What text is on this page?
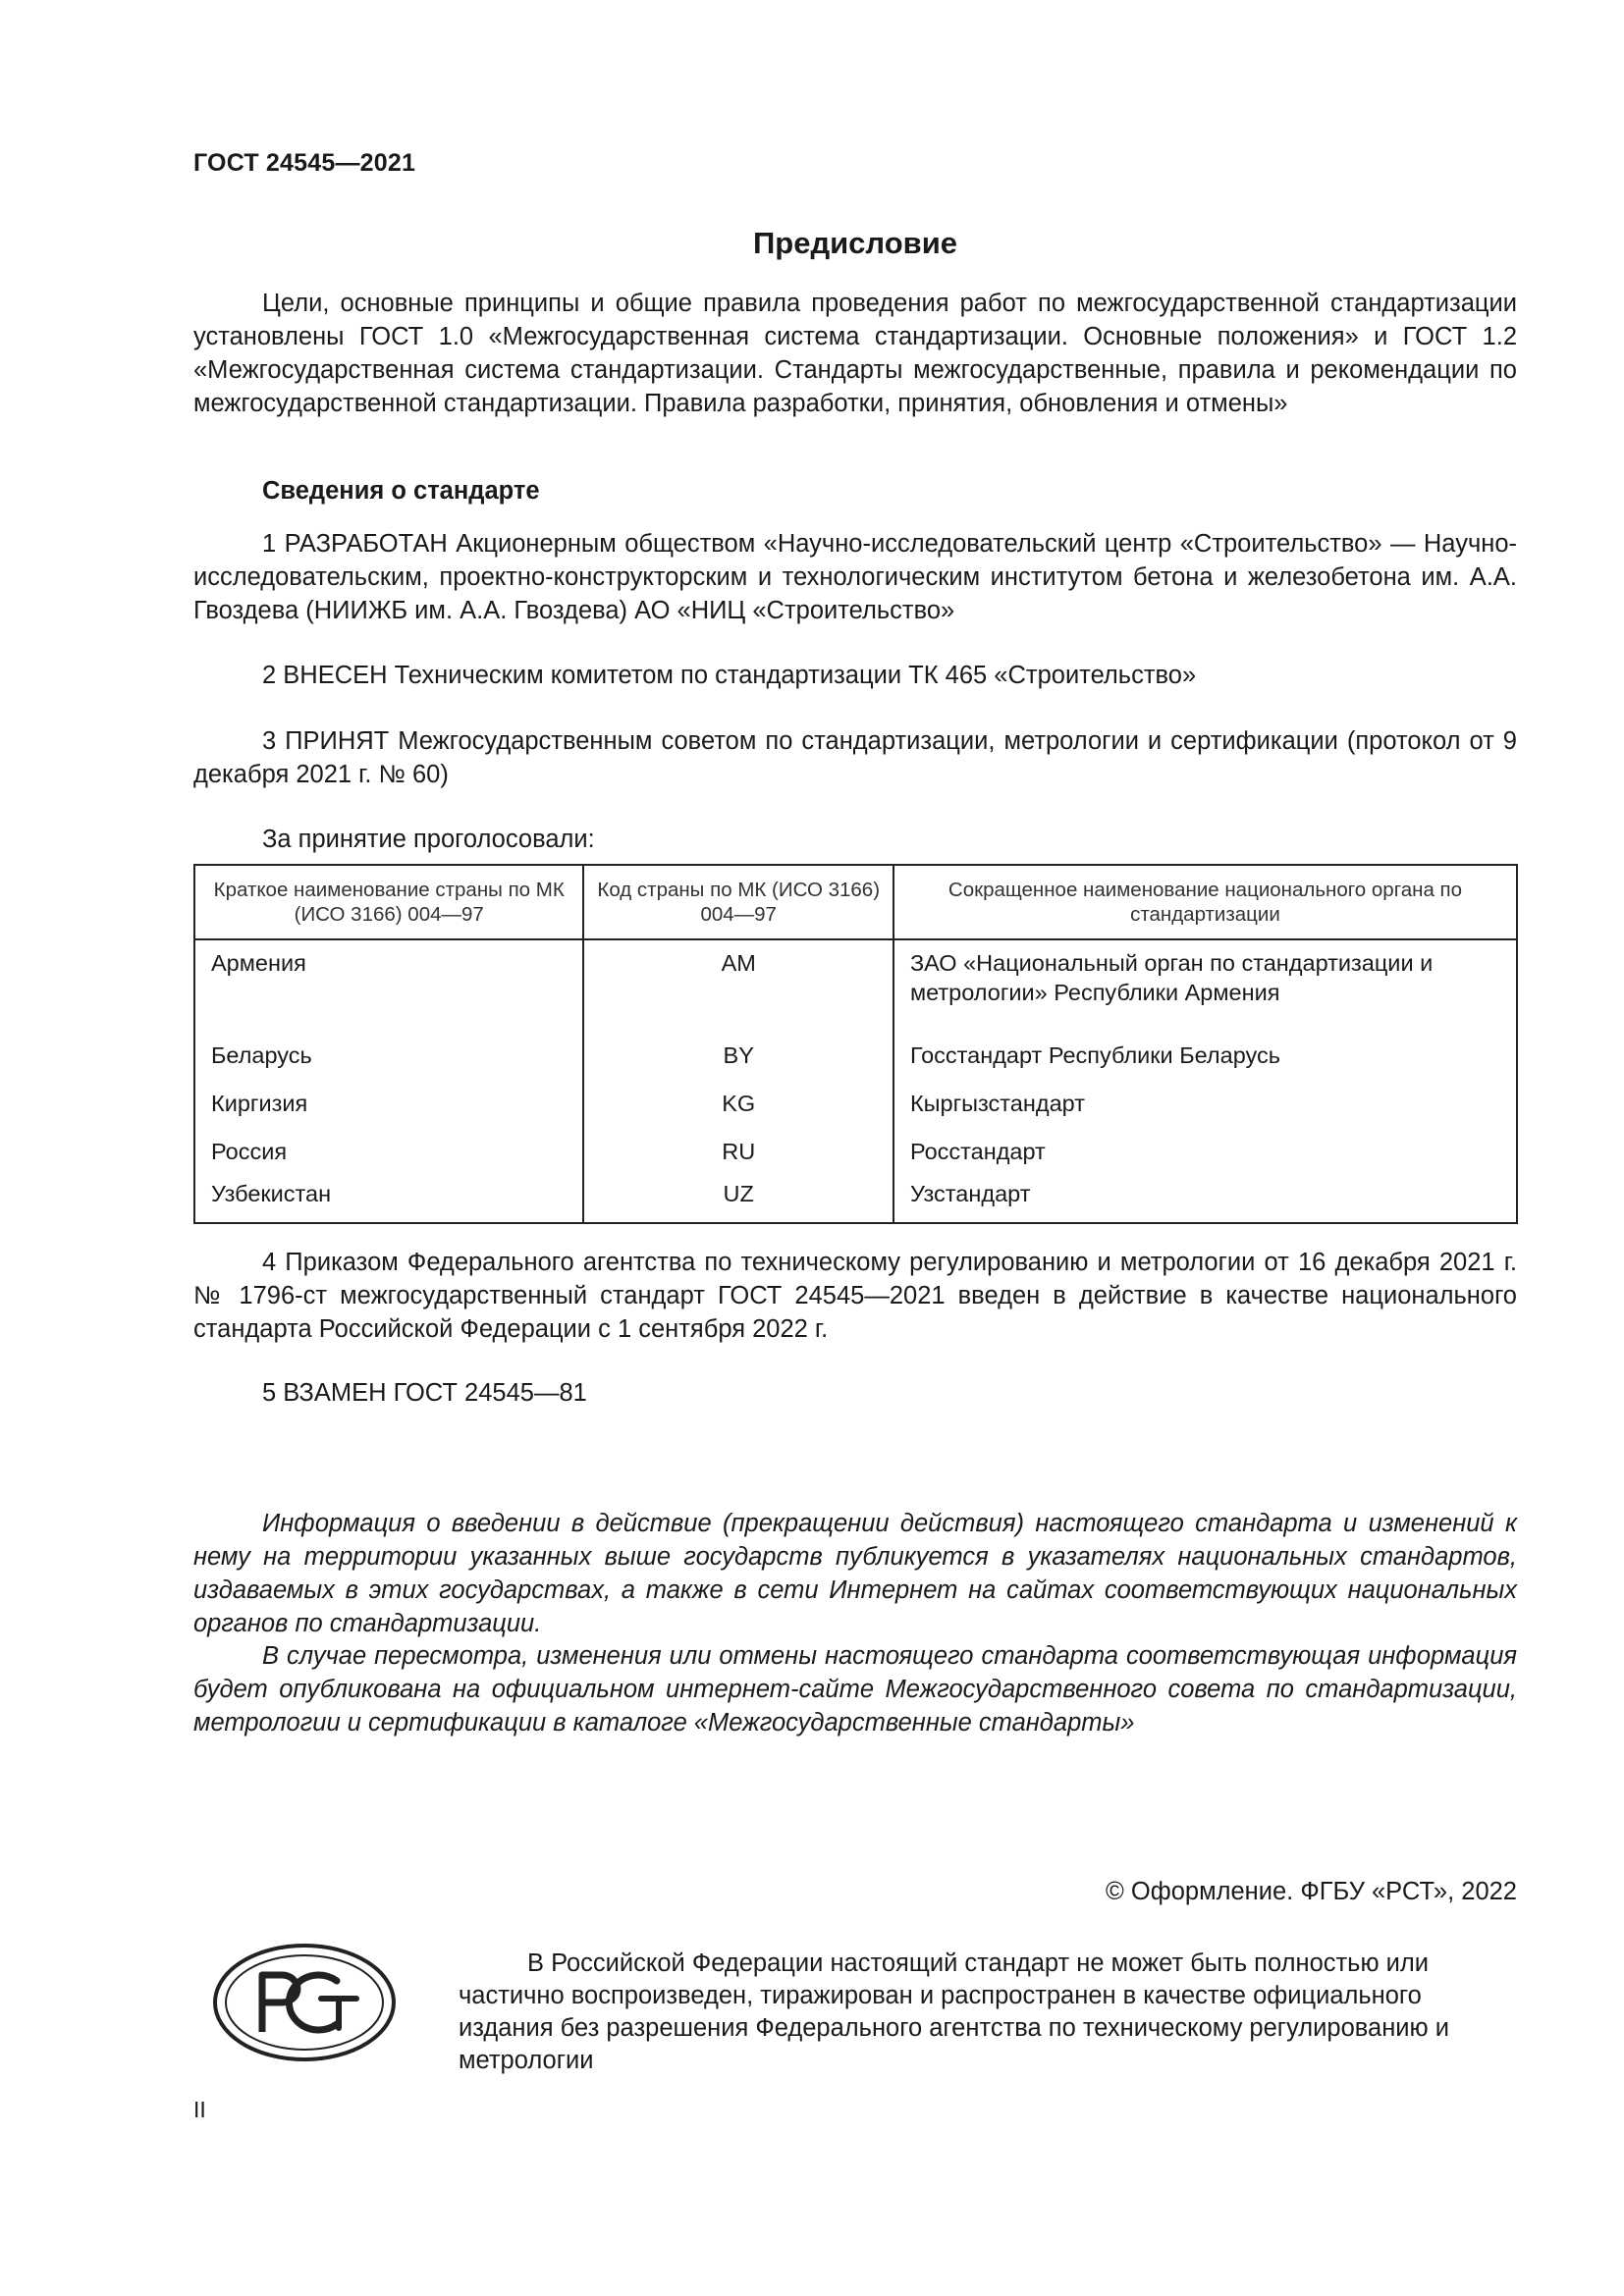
ГОСТ 24545—2021
Предисловие

Цели, основные принципы и общие правила проведения работ по межгосударственной стандартизации установлены ГОСТ 1.0 «Межгосударственная система стандартизации. Основные положения» и ГОСТ 1.2 «Межгосударственная система стандартизации. Стандарты межгосударственные, правила и рекомендации по межгосударственной стандартизации. Правила разработки, принятия, обновления и отмены»

Сведения о стандарте

1 РАЗРАБОТАН Акционерным обществом «Научно-исследовательский центр «Строительство» — Научно-исследовательским, проектно-конструкторским и технологическим институтом бетона и железобетона им. А.А. Гвоздева (НИИЖБ им. А.А. Гвоздева) АО «НИЦ «Строительство»

2 ВНЕСЕН Техническим комитетом по стандартизации ТК 465 «Строительство»

3 ПРИНЯТ Межгосударственным советом по стандартизации, метрологии и сертификации (протокол от 9 декабря 2021 г. № 60)

За принятие проголосовали:

Краткое наименование страны по МК (ИСО 3166) 004—97	Код страны по МК (ИСО 3166) 004—97	Сокращенное наименование национального органа по стандартизации
Армения	AM	ЗАО «Национальный орган по стандартизации и метрологии» Республики Армения
Беларусь	BY	Госстандарт Республики Беларусь
Киргизия	KG	Кыргызстандарт
Россия	RU	Росстандарт
Узбекистан	UZ	Узстандарт

4 Приказом Федерального агентства по техническому регулированию и метрологии от 16 декабря 2021 г. № 1796-ст межгосударственный стандарт ГОСТ 24545—2021 введен в действие в качестве национального стандарта Российской Федерации с 1 сентября 2022 г.

5 ВЗАМЕН ГОСТ 24545—81

Информация о введении в действие (прекращении действия) настоящего стандарта и изменений к нему на территории указанных выше государств публикуется в указателях национальных стандартов, издаваемых в этих государствах, а также в сети Интернет на сайтах соответствующих национальных органов по стандартизации.

В случае пересмотра, изменения или отмены настоящего стандарта соответствующая информация будет опубликована на официальном интернет-сайте Межгосударственного совета по стандартизации, метрологии и сертификации в каталоге «Межгосударственные стандарты»

© Оформление. ФГБУ «РСТ», 2022

В Российской Федерации настоящий стандарт не может быть полностью или частично воспроизведен, тиражирован и распространен в качестве официального издания без разрешения Федерального агентства по техническому регулированию и метрологии

II
